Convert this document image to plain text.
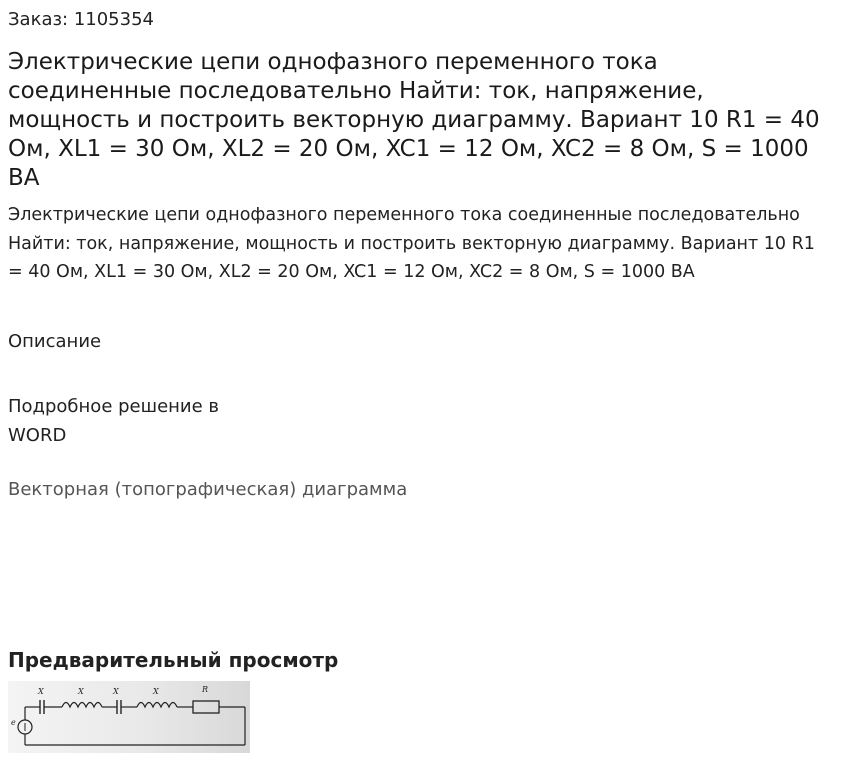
Заказ: 1105354
Электрические цепи однофазного переменного тока соединенные последовательно Найти: ток, напряжение, мощность и построить векторную диаграмму. Вариант 10 R1 = 40 Ом, XL1 = 30 Ом, XL2 = 20 Ом, XC1 = 12 Ом, XC2 = 8 Ом, S = 1000 ВА
Электрические цепи однофазного переменного тока соединенные последовательно Найти: ток, напряжение, мощность и построить векторную диаграмму. Вариант 10 R1 = 40 Ом, XL1 = 30 Ом, XL2 = 20 Ом, XC1 = 12 Ом, XC2 = 8 Ом, S = 1000 ВА
Описание
Подробное решение в WORD
Векторная (топографическая) диаграмма
Предварительный просмотр
X	X	X	X	R
e
